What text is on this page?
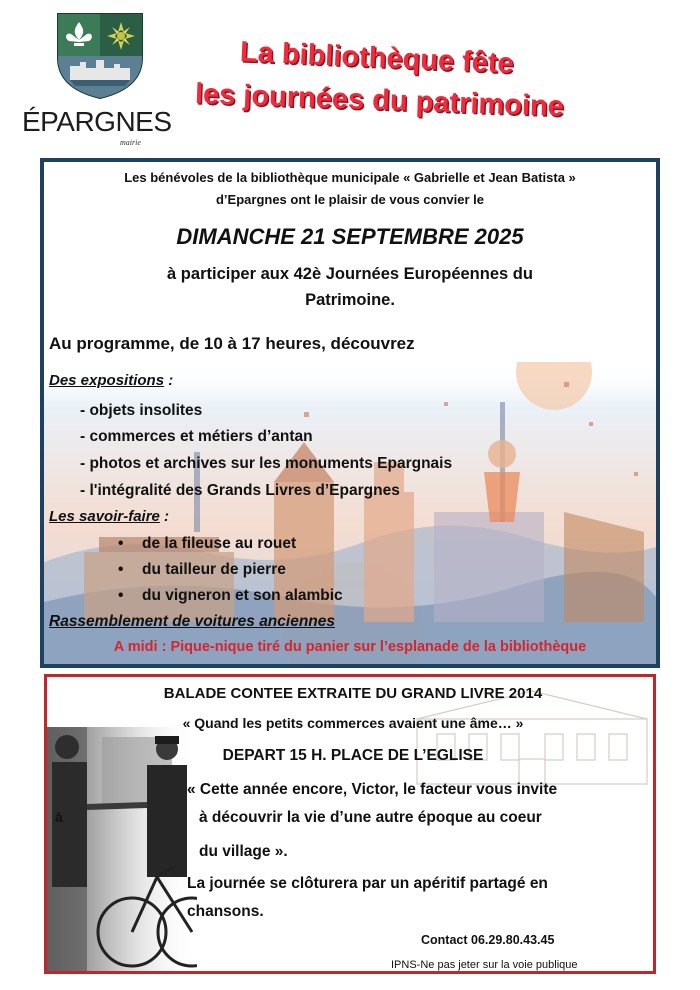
ÉPARGNES
mairie
La bibliothèque fête
les journées du patrimoine
Les bénévoles de la bibliothèque municipale « Gabrielle et Jean Batista »
d’Epargnes ont le plaisir de vous convier le
DIMANCHE 21 SEPTEMBRE 2025
à participer aux 42è Journées Européennes du
Patrimoine.
Au programme, de 10 à 17 heures, découvrez
Des expositions :
- objets insolites
- commerces et métiers d’antan
- photos et archives sur les monuments Epargnais
- l'intégralité des Grands Livres d’Epargnes
Les savoir-faire :
• de la fileuse au rouet
• du tailleur de pierre
• du vigneron et son alambic
Rassemblement de voitures anciennes
A midi : Pique-nique tiré du panier sur l’esplanade de la bibliothèque
BALADE CONTEE EXTRAITE DU GRAND LIVRE 2014
« Quand les petits commerces avaient une âme… »
DEPART 15 H. PLACE DE L’EGLISE
« Cette année encore, Victor, le facteur vous invite
à	à découvrir la vie d’une autre époque au coeur
du village ».
La journée se clôturera par un apéritif partagé en
chansons.
Contact 06.29.80.43.45
IPNS-Ne pas jeter sur la voie publique
